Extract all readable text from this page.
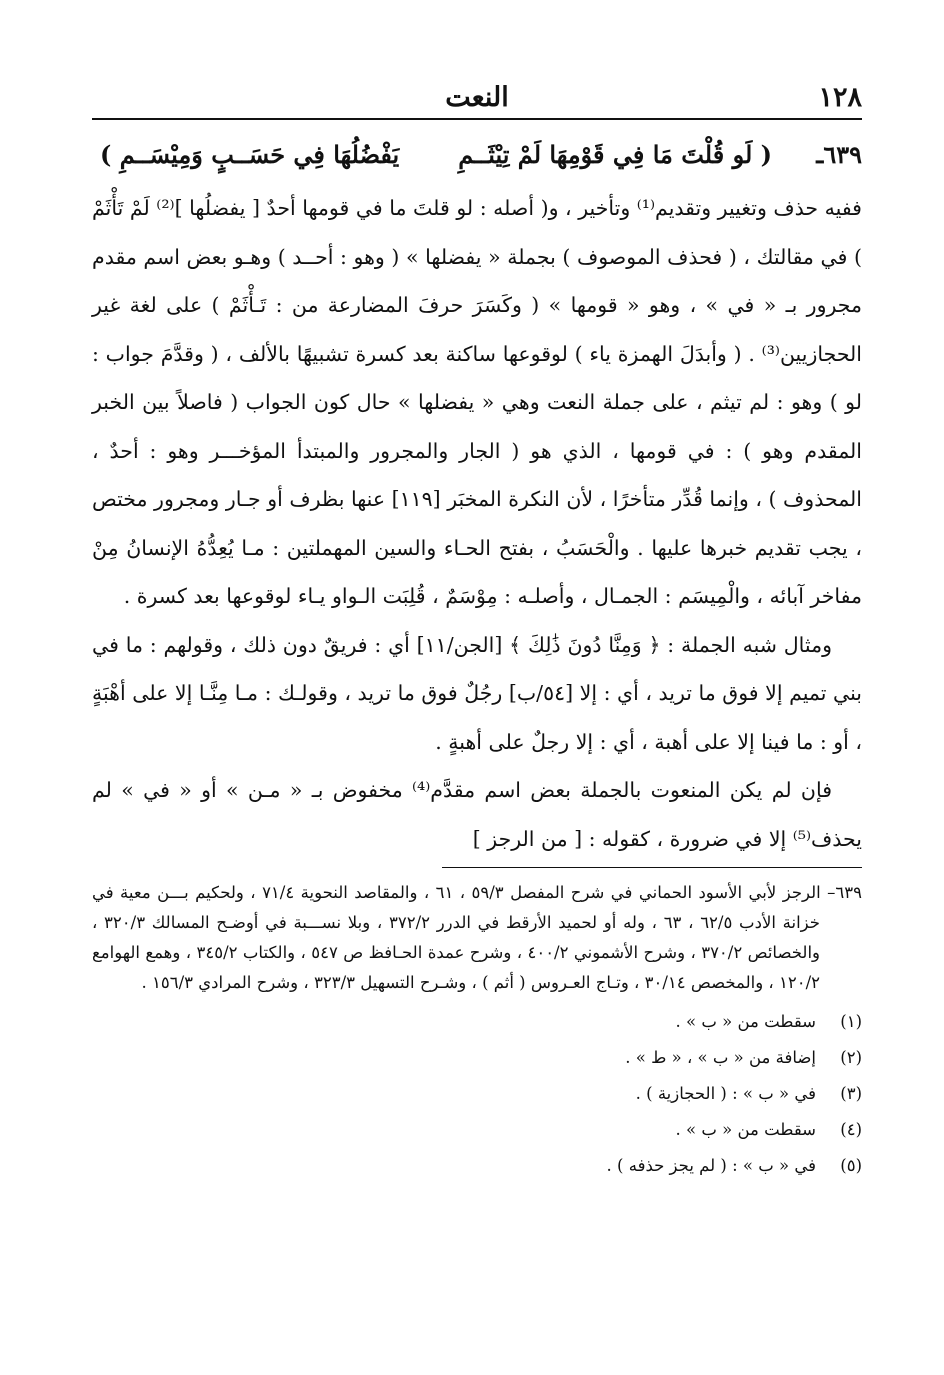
١٢٨
النعت
٦٣٩ـ
( لَو قُلْتَ مَا فِي قَوْمِهَا لَمْ تِيْثَــمِ
يَفْضُلُهَا فِي حَسَــبٍ وَمِيْسَــمِ )

ففيه حذف وتغيير وتقديم⁽¹⁾ وتأخير ، و( أصله : لو قلتَ ما في قومها أحدٌ [ يفضلُها ]⁽²⁾ لَمْ تَأْثَمْ ) في مقالتك ، ( فحذف الموصوف ) بجملة « يفضلها » ( وهو : أحــد ) وهـو بعض اسم مقدم مجرور بـ « في » ، وهو « قومها » ( وكَسَرَ حرفَ المضارعة من : تَـأْثَمْ ) على لغة غير الحجازيين⁽³⁾ . ( وأبدَلَ الهمزة ياء ) لوقوعها ساكنة بعد كسرة تشبيهًا بالألف ، ( وقدَّمَ جواب : لو ) وهو : لم تيثم ، على جملة النعت وهي « يفضلها » حال كون الجواب ( فاصلاً بين الخبر المقدم وهو ) : في قومها ، الذي هو ( الجار والمجرور والمبتدأ المؤخـــر وهو : أحدٌ ، المحذوف ) ، وإنما قُدِّر متأخرًا ، لأن النكرة المخبَر [١١٩] عنها بظرف أو جـار ومجرور مختص ، يجب تقديم خبرها عليها . والْحَسَبُ ، بفتح الحـاء والسين المهملتين : مـا يُعِدُّهُ الإنسانُ مِنْ مفاخر آبائه ، والْمِيسَم : الجمـال ، وأصلـه : مِوْسَمٌ ، قُلِبَت الـواو يـاء لوقوعها بعد كسرة .

ومثال شبه الجملة : ﴿ وَمِنَّا دُونَ ذَٰلِكَ ﴾ [الجن/١١] أي : فريقٌ دون ذلك ، وقولهم : ما في بني تميم إلا فوق ما تريد ، أي : إلا [٥٤/ب] رجُلٌ فوق ما تريد ، وقولـك : مـا مِنَّـا إلا على أهْبَةٍ ، أو : ما فينا إلا على أهبة ، أي : إلا رجلٌ على أهبةٍ .

فإن لم يكن المنعوت بالجملة بعض اسم مقدَّم⁽⁴⁾ مخفوض بـ « مـن » أو « في » لم يحذف⁽⁵⁾ إلا في ضرورة ، كقوله : [ من الرجز ]

٦٣٩– الرجز لأبي الأسود الحماني في شرح المفصل ٥٩/٣ ، ٦١ ، والمقاصد النحوية ٧١/٤ ، ولحكيم بـــن معية في خزانة الأدب ٦٢/٥ ، ٦٣ ، وله أو لحميد الأرقط في الدرر ٣٧٢/٢ ، وبلا نســـبة في أوضـح المسالك ٣٢٠/٣ ، والخصائص ٣٧٠/٢ ، وشرح الأشموني ٤٠٠/٢ ، وشرح عمدة الحـافظ ص ٥٤٧ ، والكتاب ٣٤٥/٢ ، وهمع الهوامع ١٢٠/٢ ، والمخصص ٣٠/١٤ ، وتـاج العـروس ( أثم ) ، وشـرح التسهيل ٣٢٣/٣ ، وشرح المرادي ١٥٦/٣ .
(١)
سقطت من « ب » .
(٢)
إضافة من « ب » ، « ط » .
(٣)
في « ب » : ( الحجازية ) .
(٤)
سقطت من « ب » .
(٥)
في « ب » : ( لم يجز حذفه ) .
